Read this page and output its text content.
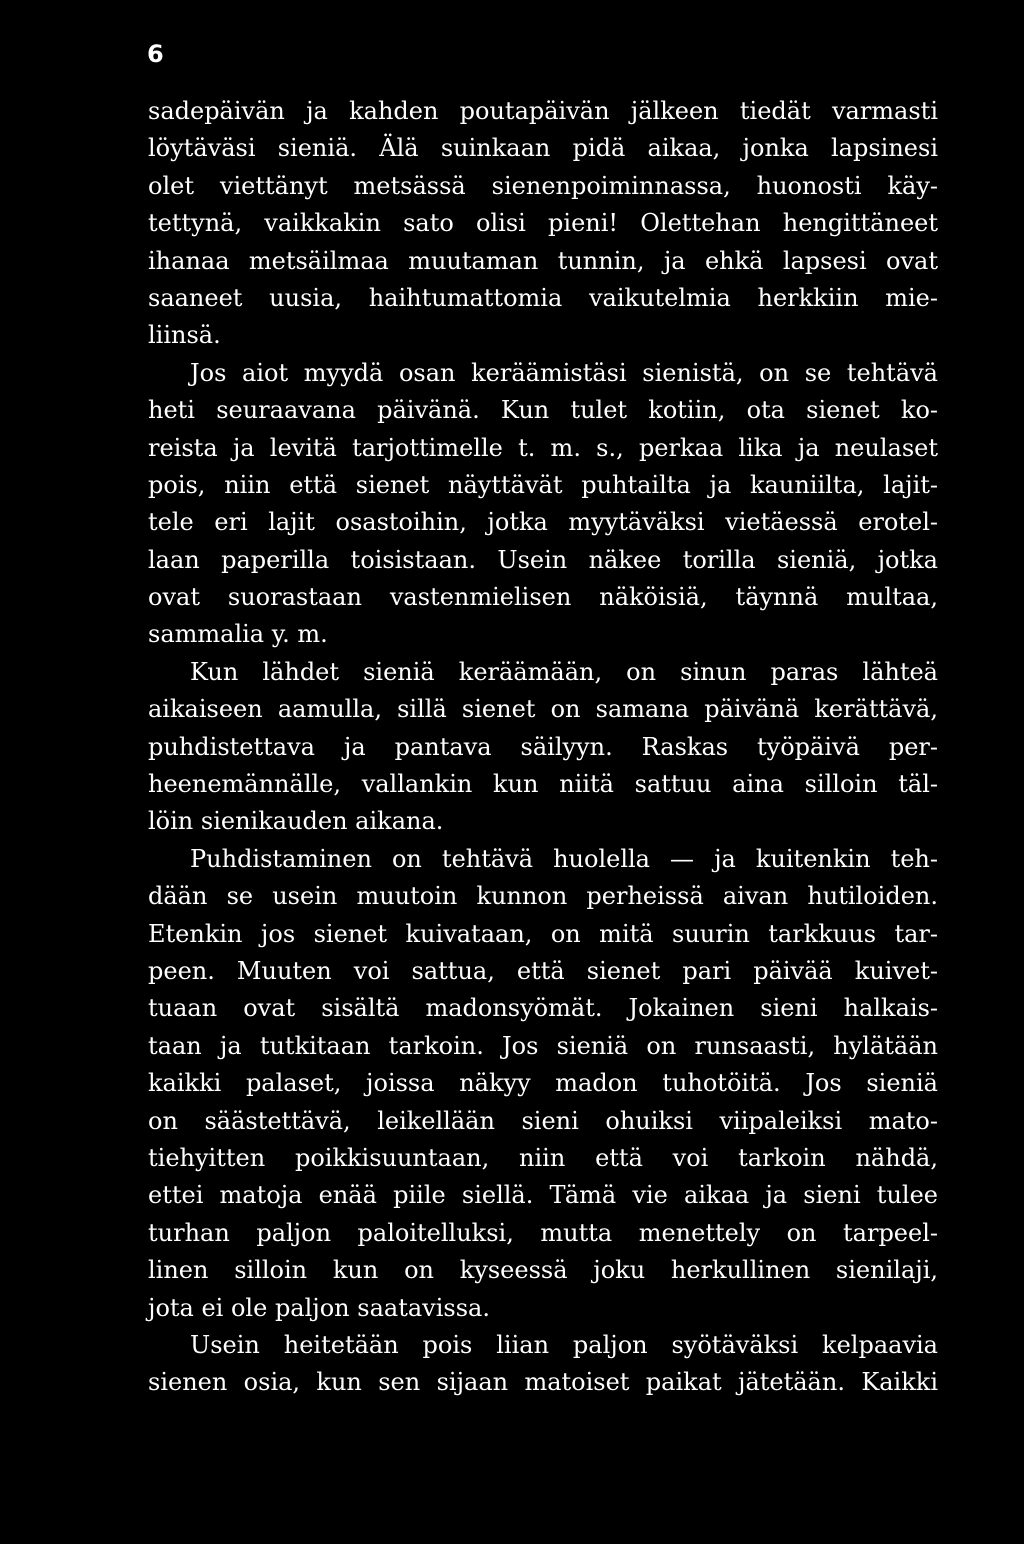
6
sadepäivän ja kahden poutapäivän jälkeen tiedät varmasti
löytäväsi sieniä. Älä suinkaan pidä aikaa, jonka lapsinesi
olet viettänyt metsässä sienenpoiminnassa, huonosti käy-
tettynä, vaikkakin sato olisi pieni! Olettehan hengittäneet
ihanaa metsäilmaa muutaman tunnin, ja ehkä lapsesi ovat
saaneet uusia, haihtumattomia vaikutelmia herkkiin mie-
liinsä.
Jos aiot myydä osan keräämistäsi sienistä, on se tehtävä
heti seuraavana päivänä. Kun tulet kotiin, ota sienet ko-
reista ja levitä tarjottimelle t. m. s., perkaa lika ja neulaset
pois, niin että sienet näyttävät puhtailta ja kauniilta, lajit-
tele eri lajit osastoihin, jotka myytäväksi vietäessä erotel-
laan paperilla toisistaan. Usein näkee torilla sieniä, jotka
ovat suorastaan vastenmielisen näköisiä, täynnä multaa,
sammalia y. m.
Kun lähdet sieniä keräämään, on sinun paras lähteä
aikaiseen aamulla, sillä sienet on samana päivänä kerättävä,
puhdistettava ja pantava säilyyn. Raskas työpäivä per-
heenemännälle, vallankin kun niitä sattuu aina silloin täl-
löin sienikauden aikana.
Puhdistaminen on tehtävä huolella — ja kuitenkin teh-
dään se usein muutoin kunnon perheissä aivan hutiloiden.
Etenkin jos sienet kuivataan, on mitä suurin tarkkuus tar-
peen. Muuten voi sattua, että sienet pari päivää kuivet-
tuaan ovat sisältä madonsyömät. Jokainen sieni halkais-
taan ja tutkitaan tarkoin. Jos sieniä on runsaasti, hylätään
kaikki palaset, joissa näkyy madon tuhotöitä. Jos sieniä
on säästettävä, leikellään sieni ohuiksi viipaleiksi mato-
tiehyitten poikkisuuntaan, niin että voi tarkoin nähdä,
ettei matoja enää piile siellä. Tämä vie aikaa ja sieni tulee
turhan paljon paloitelluksi, mutta menettely on tarpeel-
linen silloin kun on kyseessä joku herkullinen sienilaji,
jota ei ole paljon saatavissa.
Usein heitetään pois liian paljon syötäväksi kelpaavia
sienen osia, kun sen sijaan matoiset paikat jätetään. Kaikki
